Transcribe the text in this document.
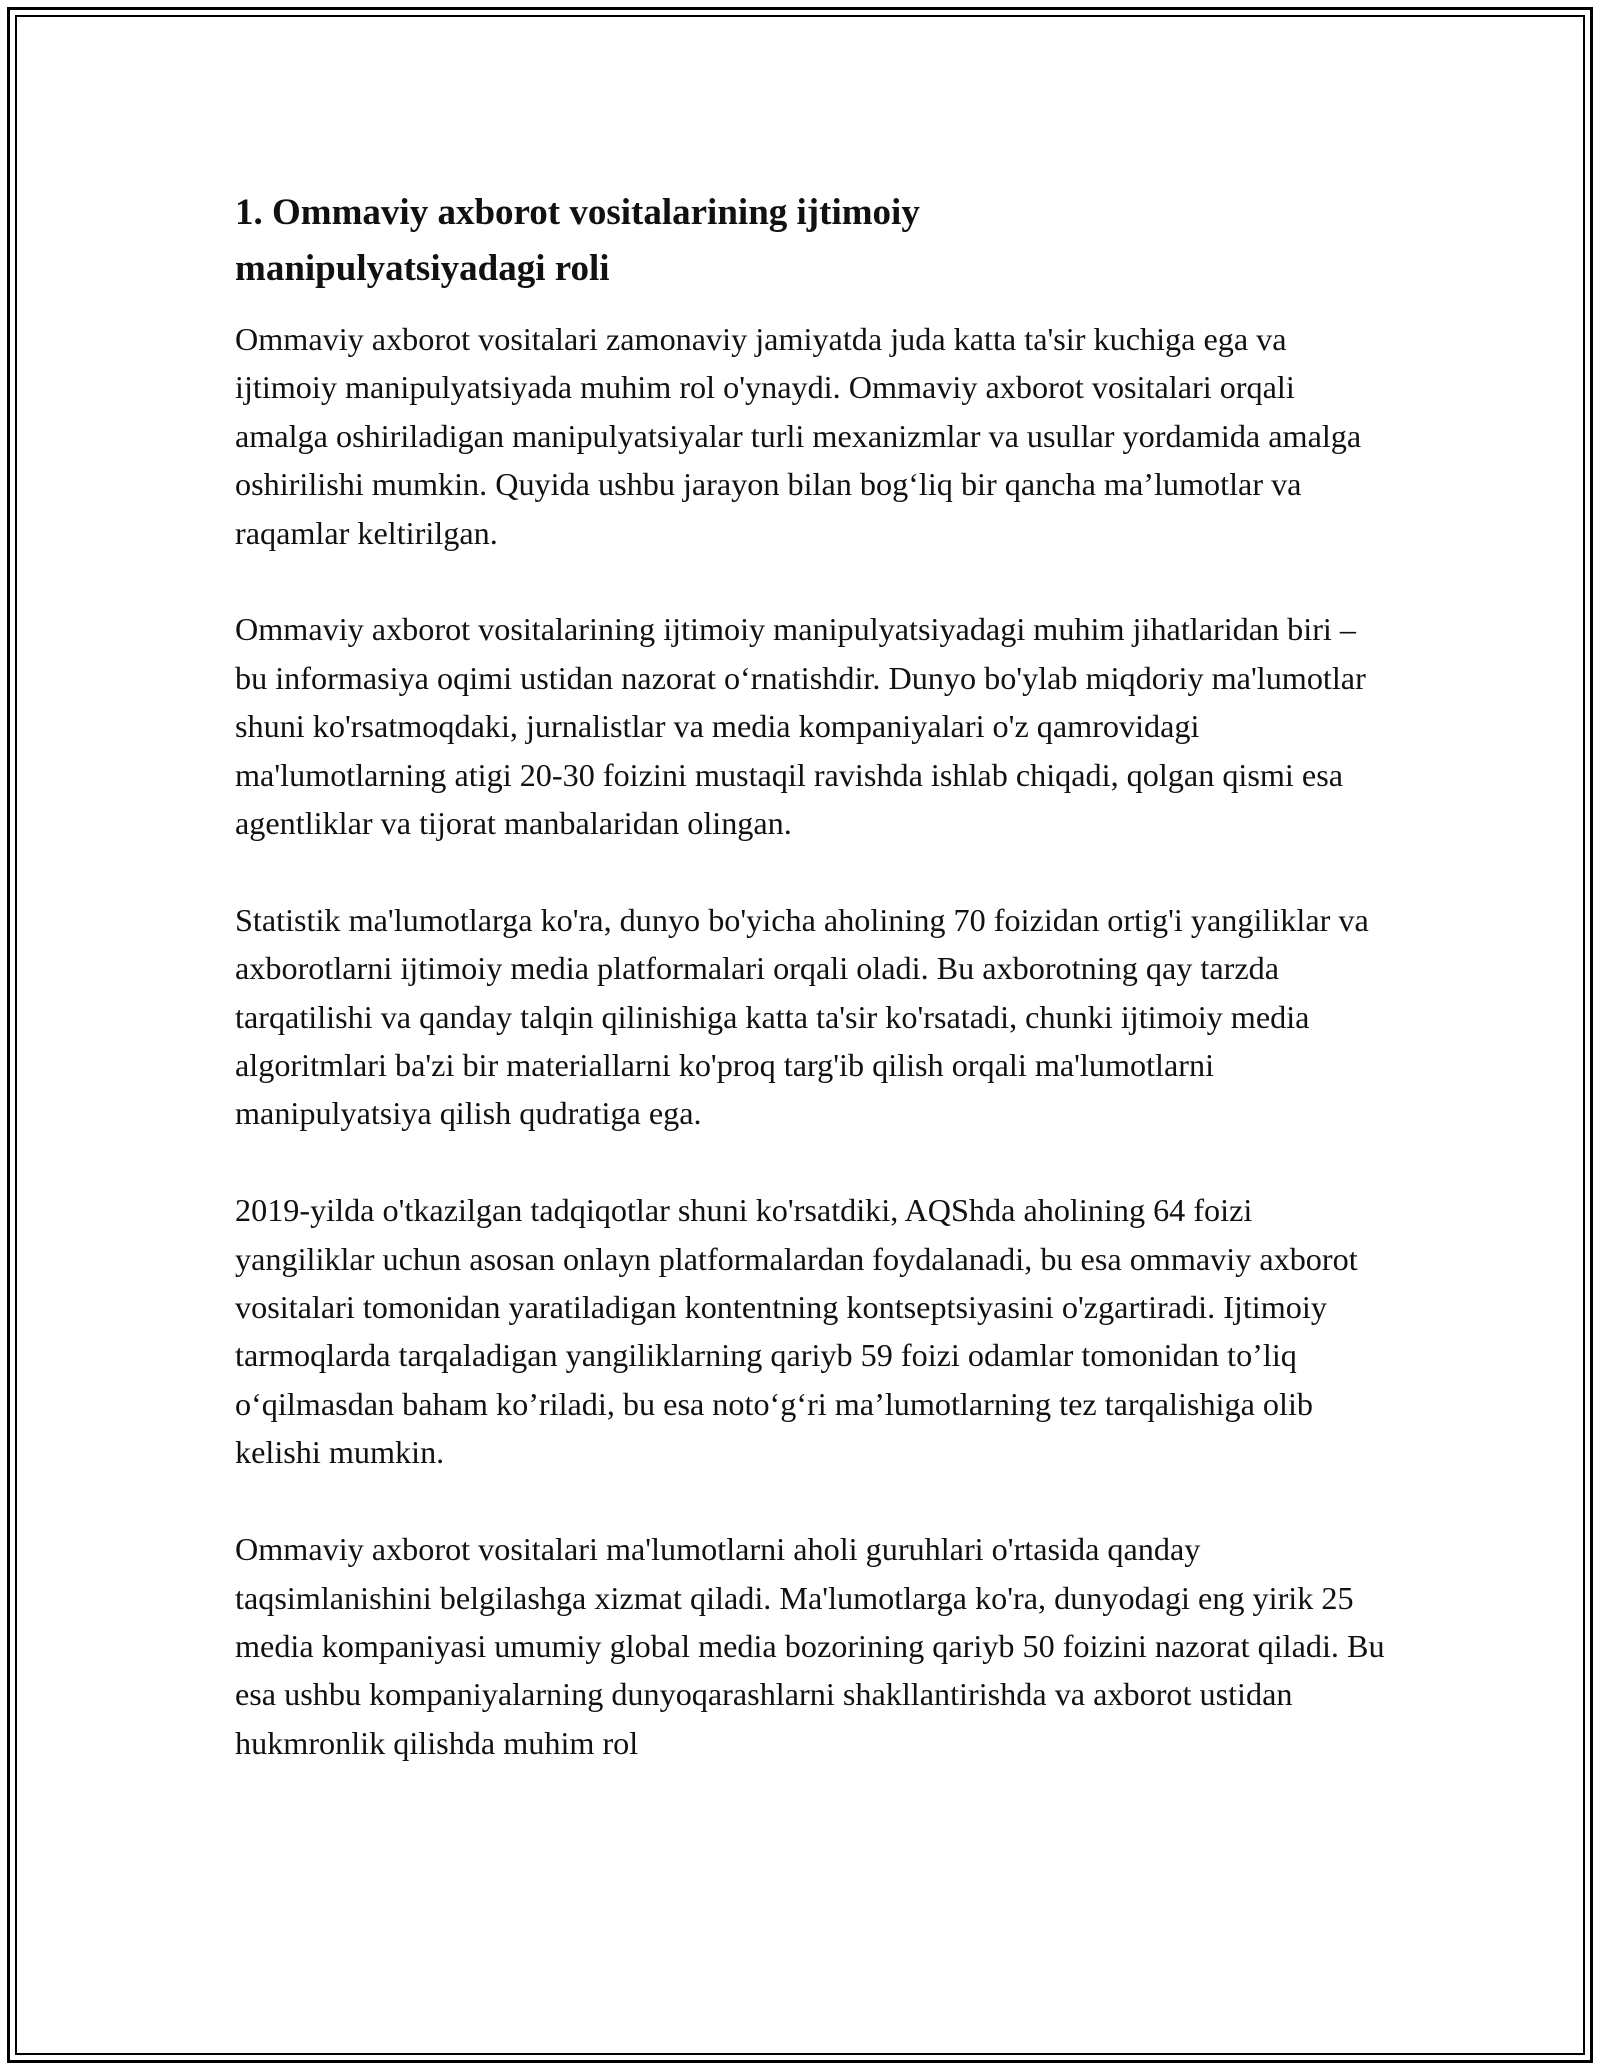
1. Ommaviy axborot vositalarining ijtimoiy manipulyatsiyadagi roli

Ommaviy axborot vositalari zamonaviy jamiyatda juda katta ta'sir kuchiga ega va ijtimoiy manipulyatsiyada muhim rol o'ynaydi. Ommaviy axborot vositalari orqali amalga oshiriladigan manipulyatsiyalar turli mexanizmlar va usullar yordamida amalga oshirilishi mumkin. Quyida ushbu jarayon bilan bog‘liq bir qancha ma’lumotlar va raqamlar keltirilgan.

Ommaviy axborot vositalarining ijtimoiy manipulyatsiyadagi muhim jihatlaridan biri – bu informasiya oqimi ustidan nazorat o‘rnatishdir. Dunyo bo'ylab miqdoriy ma'lumotlar shuni ko'rsatmoqdaki, jurnalistlar va media kompaniyalari o'z qamrovidagi ma'lumotlarning atigi 20-30 foizini mustaqil ravishda ishlab chiqadi, qolgan qismi esa agentliklar va tijorat manbalaridan olingan.

Statistik ma'lumotlarga ko'ra, dunyo bo'yicha aholining 70 foizidan ortig'i yangiliklar va axborotlarni ijtimoiy media platformalari orqali oladi. Bu axborotning qay tarzda tarqatilishi va qanday talqin qilinishiga katta ta'sir ko'rsatadi, chunki ijtimoiy media algoritmlari ba'zi bir materiallarni ko'proq targ'ib qilish orqali ma'lumotlarni manipulyatsiya qilish qudratiga ega.

2019-yilda o'tkazilgan tadqiqotlar shuni ko'rsatdiki, AQShda aholining 64 foizi yangiliklar uchun asosan onlayn platformalardan foydalanadi, bu esa ommaviy axborot vositalari tomonidan yaratiladigan kontentning kontseptsiyasini o'zgartiradi. Ijtimoiy tarmoqlarda tarqaladigan yangiliklarning qariyb 59 foizi odamlar tomonidan to’liq o‘qilmasdan baham ko’riladi, bu esa noto‘g‘ri ma’lumotlarning tez tarqalishiga olib kelishi mumkin.

Ommaviy axborot vositalari ma'lumotlarni aholi guruhlari o'rtasida qanday taqsimlanishini belgilashga xizmat qiladi. Ma'lumotlarga ko'ra, dunyodagi eng yirik 25 media kompaniyasi umumiy global media bozorining qariyb 50 foizini nazorat qiladi. Bu esa ushbu kompaniyalarning dunyoqarashlarni shakllantirishda va axborot ustidan hukmronlik qilishda muhim rol
